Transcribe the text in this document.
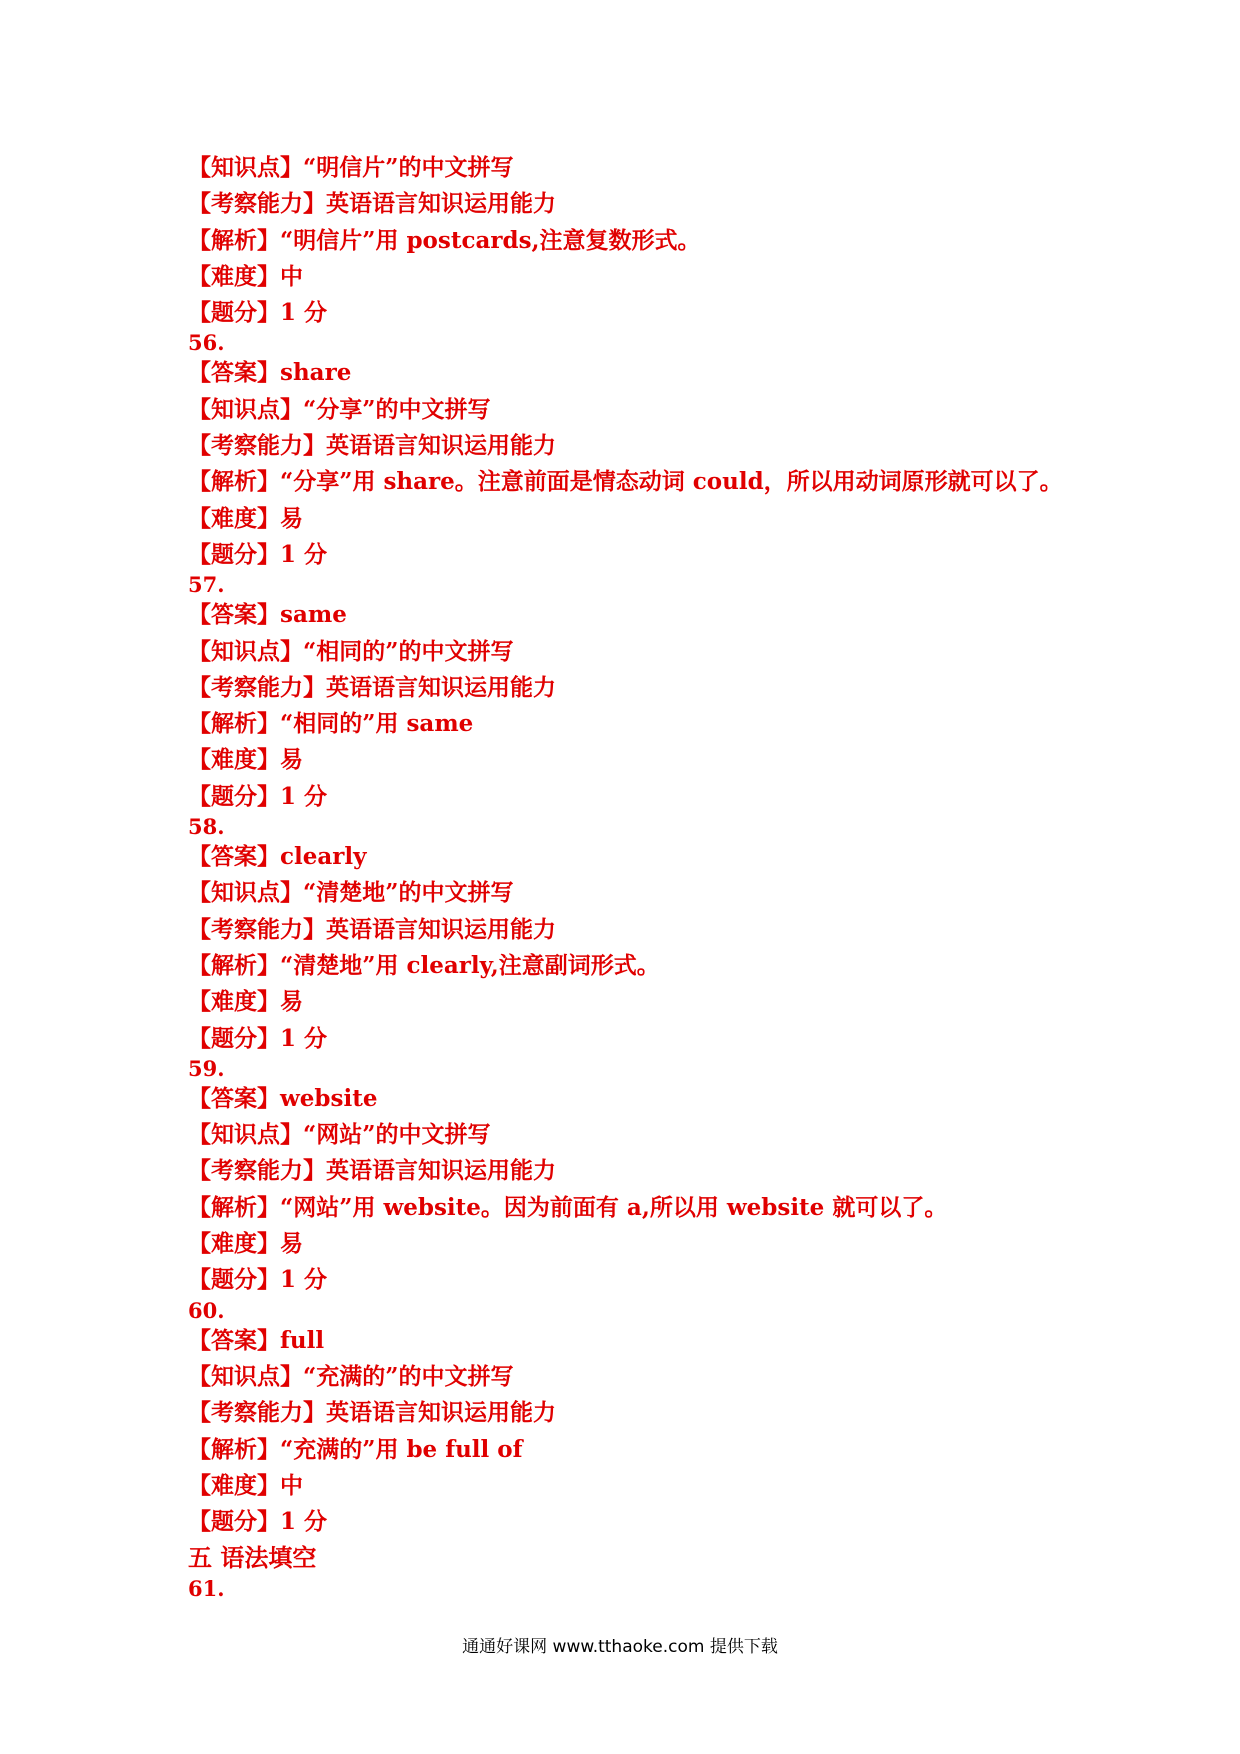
【知识点】“明信片”的中文拼写
【考察能力】英语语言知识运用能力
【解析】“明信片”用 postcards,注意复数形式。
【难度】中
【题分】1 分
56.
【答案】share
【知识点】“分享”的中文拼写
【考察能力】英语语言知识运用能力
【解析】“分享”用 share。注意前面是情态动词 could，所以用动词原形就可以了。
【难度】易
【题分】1 分
57.
【答案】same
【知识点】“相同的”的中文拼写
【考察能力】英语语言知识运用能力
【解析】“相同的”用 same
【难度】易
【题分】1 分
58.
【答案】clearly
【知识点】“清楚地”的中文拼写
【考察能力】英语语言知识运用能力
【解析】“清楚地”用 clearly,注意副词形式。
【难度】易
【题分】1 分
59.
【答案】website
【知识点】“网站”的中文拼写
【考察能力】英语语言知识运用能力
【解析】“网站”用 website。因为前面有 a,所以用 website 就可以了。
【难度】易
【题分】1 分
60.
【答案】full
【知识点】“充满的”的中文拼写
【考察能力】英语语言知识运用能力
【解析】“充满的”用 be full of
【难度】中
【题分】1 分
五 语法填空
61.
通通好课网 www.tthaoke.com 提供下载
